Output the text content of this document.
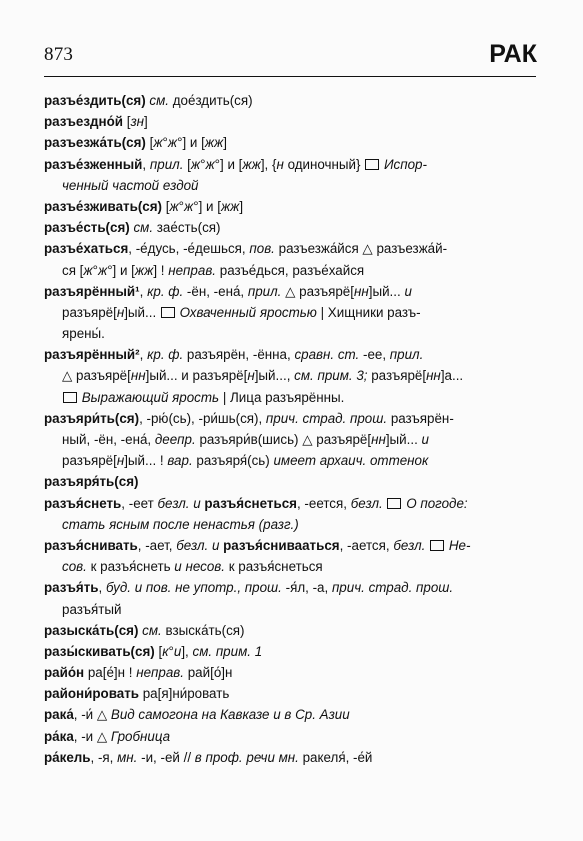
873	РАК
разъе́здить(ся) см. дое́здить(ся)
разъездно́й [зн]
разъезжа́ть(ся) [ж°ж°] и [жж]
разъе́зженный, прил. [ж°ж°] и [жж], {н одиночный}  Испор-
ченный частой ездой
разъе́зживать(ся) [ж°ж°] и [жж]
разъе́сть(ся) см. зае́сть(ся)
разъе́хаться, -е́дусь, -е́дешься, пов. разъезжа́йся △ разъезжа́й-
ся [ж°ж°] и [жж] ! неправ. разъе́дься, разъе́хайся
разъярённый¹, кр. ф. -ён, -ена́, прил. △ разъярё[нн]ый... и
разъярё[н]ый...  Охваченный яростью | Хищники разъ-
ярены́.
разъярённый², кр. ф. разъярён, -ённа, сравн. ст. -ее, прил.
△ разъярё[нн]ый... и разъярё[н]ый..., см. прим. 3; разъярё[нн]а...
Выражающий ярость | Лица разъярённы.
разъяри́ть(ся), -рю́(сь), -ри́шь(ся), прич. страд. прош. разъярён-
ный, -ён, -ена́, деепр. разъяри́в(шись) △ разъярё[нн]ый... и
разъярё[н]ый... ! вар. разъяря́(сь) имеет архаич. оттенок
разъяря́ть(ся)
разъя́снеть, -еет безл. и разъя́снеться, -еется, безл.  О погоде:
стать ясным после ненастья (разг.)
разъя́снивать, -ает, безл. и разъя́снивааться, -ается, безл.  Не-
сов. к разъя́снеть и несов. к разъя́снеться
разъя́ть, буд. и пов. не употр., прош. -я́л, -а, прич. страд. прош.
разъя́тый
разыска́ть(ся) см. взыска́ть(ся)
разы́скивать(ся) [к°и], см. прим. 1
райо́н ра[е́]н ! неправ. рай[о́]н
райони́ровать ра[я]ни́ровать
рака́, -и́ △ Вид самогона на Кавказе и в Ср. Азии
ра́ка, -и △ Гробница
ра́кель, -я, мн. -и, -ей // в проф. речи мн. ракеля́, -е́й
